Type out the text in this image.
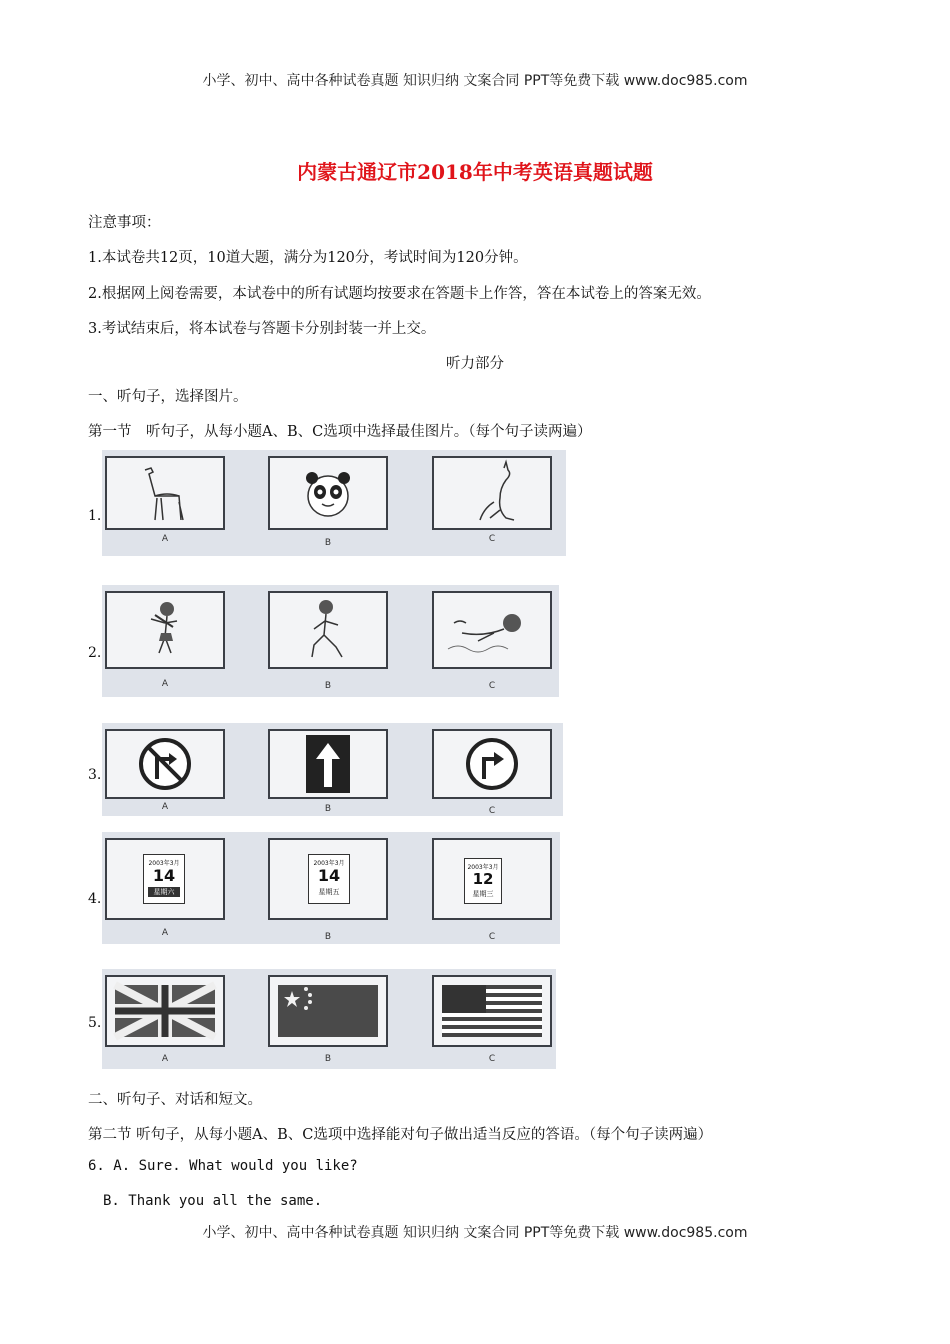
小学、初中、高中各种试卷真题 知识归纳 文案合同 PPT等免费下载 www.doc985.com
内蒙古通辽市2018年中考英语真题试题
注意事项：
1.本试卷共12页，10道大题，满分为120分，考试时间为120分钟。
2.根据网上阅卷需要，本试卷中的所有试题均按要求在答题卡上作答，答在本试卷上的答案无效。
3.考试结束后，将本试卷与答题卡分别封装一并上交。
听力部分
一、听句子，选择图片。
第一节　听句子，从每小题A、B、C选项中选择最佳图片。（每个句子读两遍）
1.
A	B	C
2.
A	B	C
3.
A	B	C
4.
2003年3月
14
星期六
A
2003年3月
14
星期五
B
2003年3月
12
星期三
C
5.
A	B	C
二、听句子、对话和短文。
第二节 听句子，从每小题A、B、C选项中选择能对句子做出适当反应的答语。（每个句子读两遍）
6. A. Sure. What would you like?
B. Thank you all the same.
小学、初中、高中各种试卷真题 知识归纳 文案合同 PPT等免费下载 www.doc985.com
